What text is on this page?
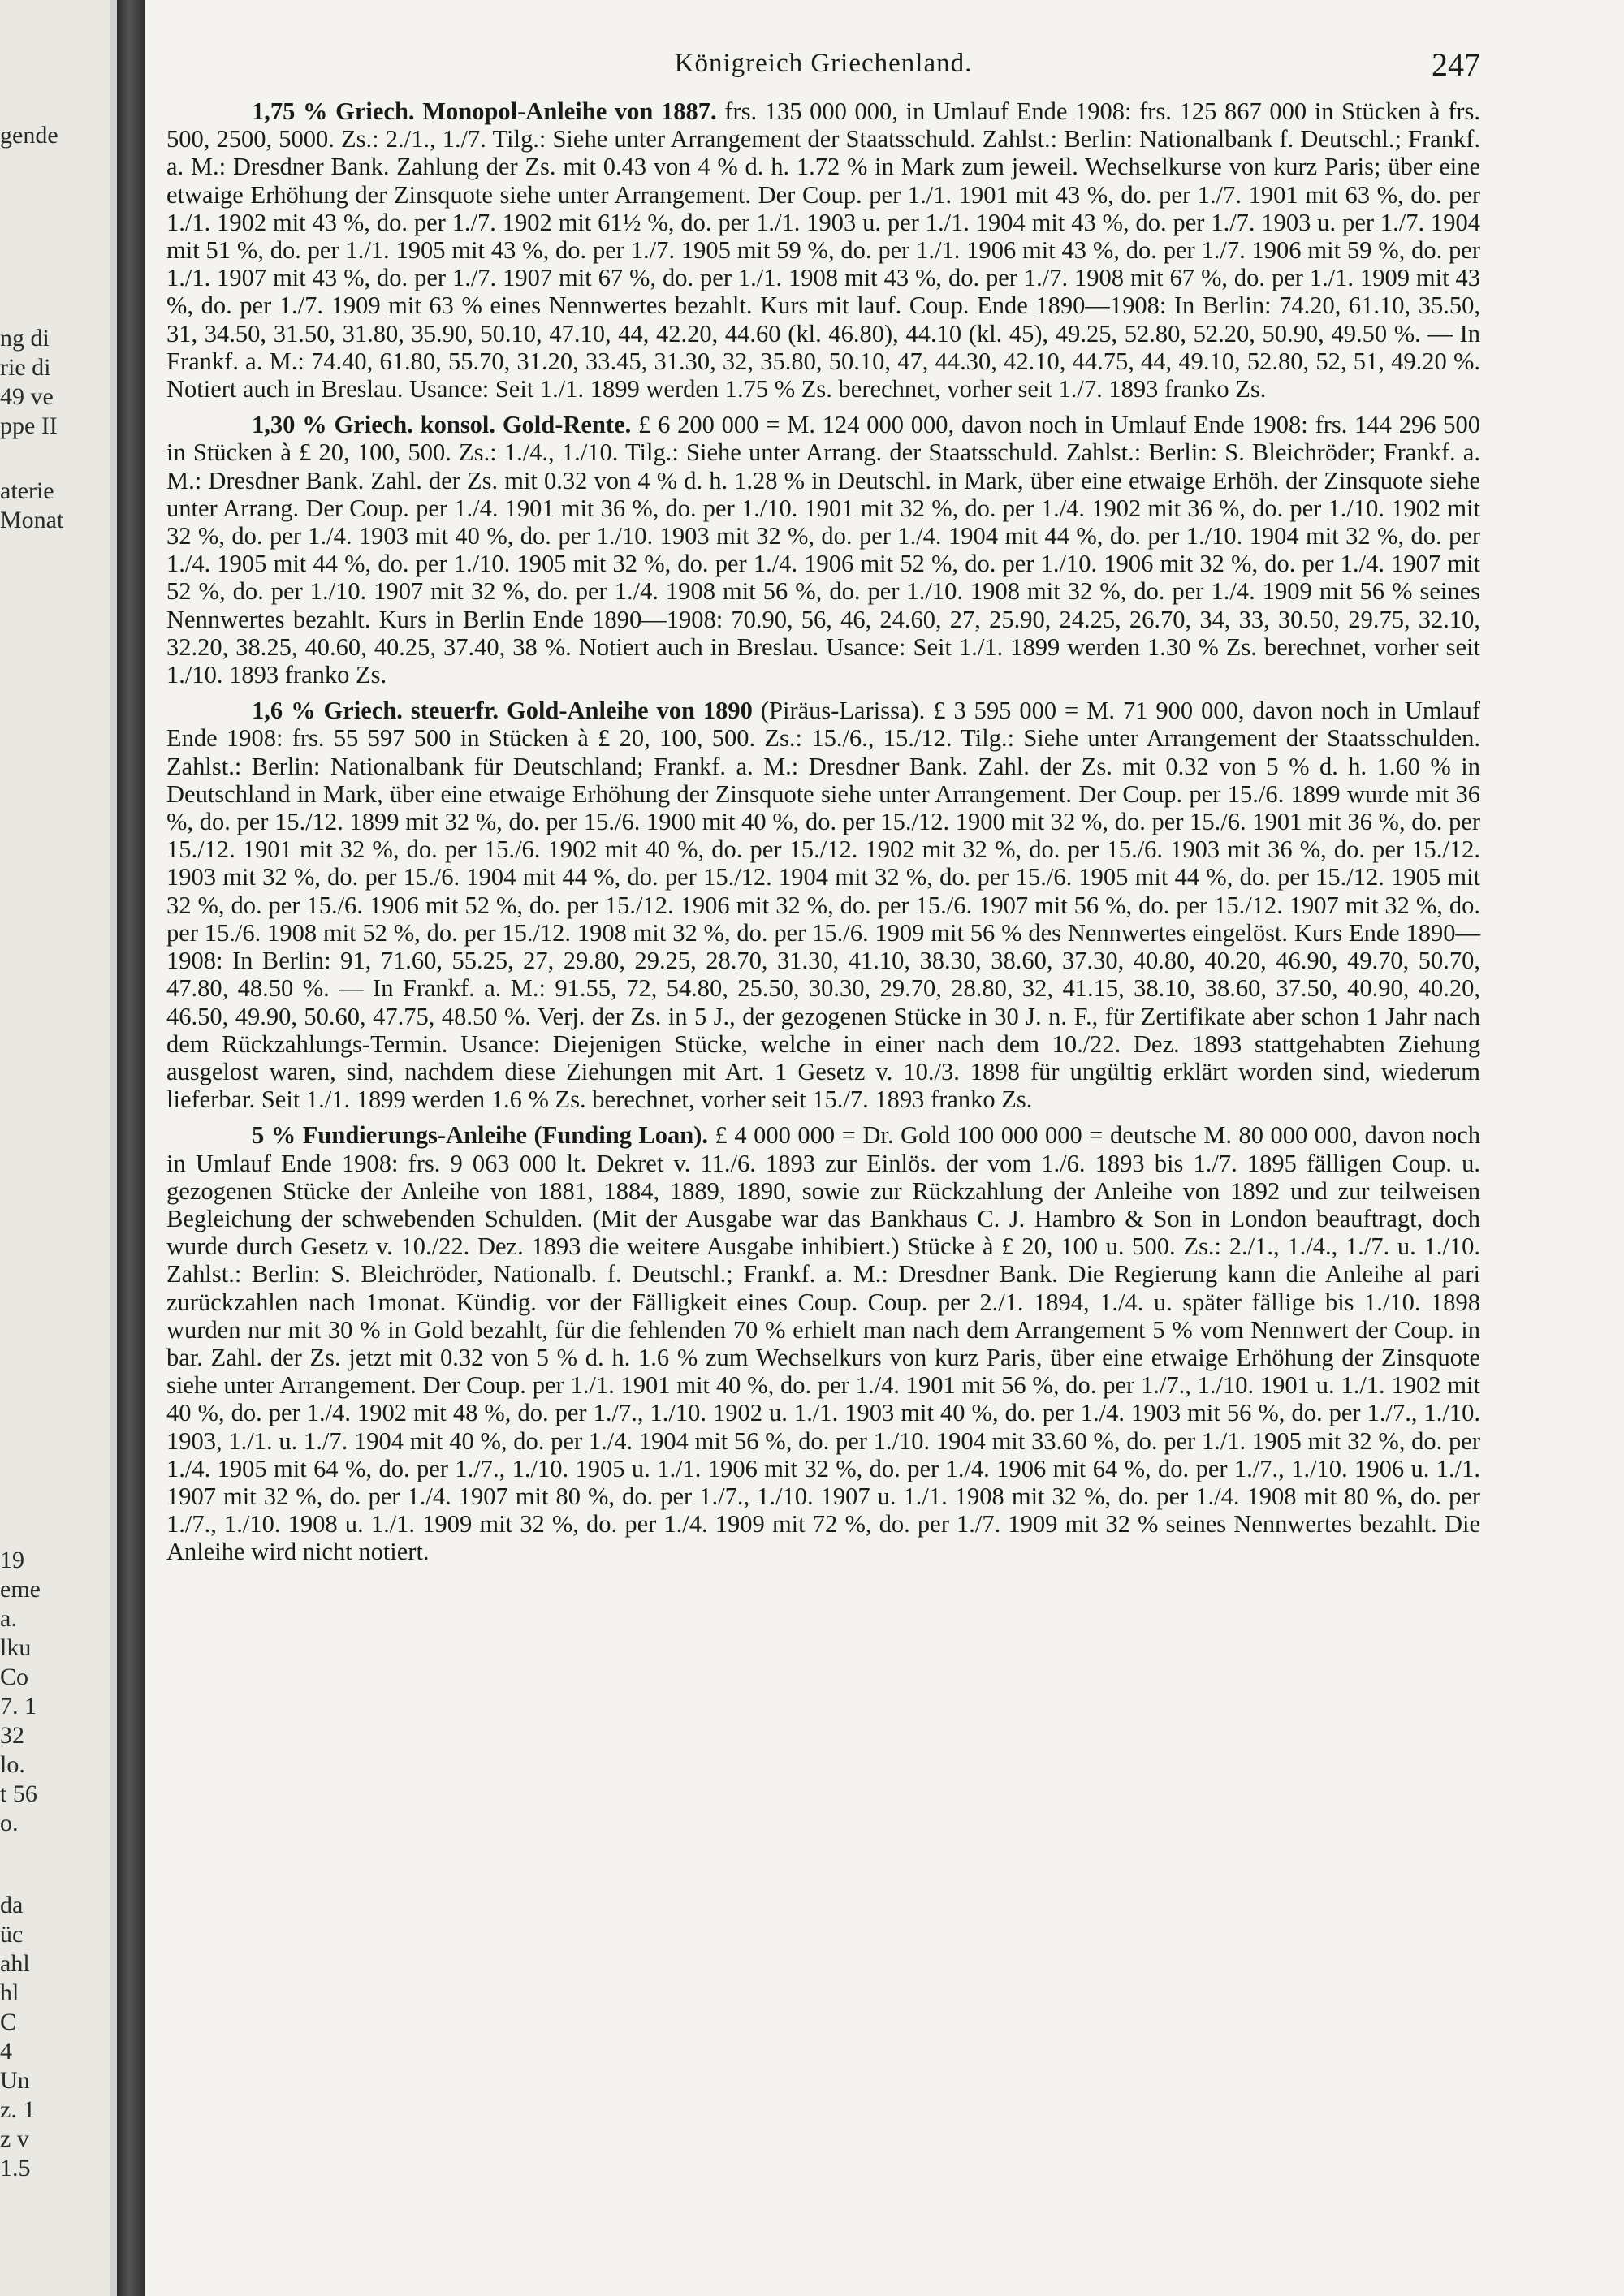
gende
ng di
rie di
49 ve
ppe II
aterie
Monat
19
eme
a.
lku
Co
7. 1
32
lo.
t 56
o.
da
üc
ahl
hl
C
4
Un
z. 1
z v
1.5
Königreich Griechenland.	247

1,75 % Griech. Monopol-Anleihe von 1887. frs. 135 000 000, in Umlauf Ende 1908: frs. 125 867 000 in Stücken à frs. 500, 2500, 5000. Zs.: 2./1., 1./7. Tilg.: Siehe unter Arrangement der Staatsschuld. Zahlst.: Berlin: Nationalbank f. Deutschl.; Frankf. a. M.: Dresdner Bank. Zahlung der Zs. mit 0.43 von 4 % d. h. 1.72 % in Mark zum jeweil. Wechselkurse von kurz Paris; über eine etwaige Erhöhung der Zinsquote siehe unter Arrangement. Der Coup. per 1./1. 1901 mit 43 %, do. per 1./7. 1901 mit 63 %, do. per 1./1. 1902 mit 43 %, do. per 1./7. 1902 mit 61½ %, do. per 1./1. 1903 u. per 1./1. 1904 mit 43 %, do. per 1./7. 1903 u. per 1./7. 1904 mit 51 %, do. per 1./1. 1905 mit 43 %, do. per 1./7. 1905 mit 59 %, do. per 1./1. 1906 mit 43 %, do. per 1./7. 1906 mit 59 %, do. per 1./1. 1907 mit 43 %, do. per 1./7. 1907 mit 67 %, do. per 1./1. 1908 mit 43 %, do. per 1./7. 1908 mit 67 %, do. per 1./1. 1909 mit 43 %, do. per 1./7. 1909 mit 63 % eines Nennwertes bezahlt. Kurs mit lauf. Coup. Ende 1890—1908: In Berlin: 74.20, 61.10, 35.50, 31, 34.50, 31.50, 31.80, 35.90, 50.10, 47.10, 44, 42.20, 44.60 (kl. 46.80), 44.10 (kl. 45), 49.25, 52.80, 52.20, 50.90, 49.50 %. — In Frankf. a. M.: 74.40, 61.80, 55.70, 31.20, 33.45, 31.30, 32, 35.80, 50.10, 47, 44.30, 42.10, 44.75, 44, 49.10, 52.80, 52, 51, 49.20 %. Notiert auch in Breslau. Usance: Seit 1./1. 1899 werden 1.75 % Zs. berechnet, vorher seit 1./7. 1893 franko Zs.

1,30 % Griech. konsol. Gold-Rente. £ 6 200 000 = M. 124 000 000, davon noch in Umlauf Ende 1908: frs. 144 296 500 in Stücken à £ 20, 100, 500. Zs.: 1./4., 1./10. Tilg.: Siehe unter Arrang. der Staatsschuld. Zahlst.: Berlin: S. Bleichröder; Frankf. a. M.: Dresdner Bank. Zahl. der Zs. mit 0.32 von 4 % d. h. 1.28 % in Deutschl. in Mark, über eine etwaige Erhöh. der Zinsquote siehe unter Arrang. Der Coup. per 1./4. 1901 mit 36 %, do. per 1./10. 1901 mit 32 %, do. per 1./4. 1902 mit 36 %, do. per 1./10. 1902 mit 32 %, do. per 1./4. 1903 mit 40 %, do. per 1./10. 1903 mit 32 %, do. per 1./4. 1904 mit 44 %, do. per 1./10. 1904 mit 32 %, do. per 1./4. 1905 mit 44 %, do. per 1./10. 1905 mit 32 %, do. per 1./4. 1906 mit 52 %, do. per 1./10. 1906 mit 32 %, do. per 1./4. 1907 mit 52 %, do. per 1./10. 1907 mit 32 %, do. per 1./4. 1908 mit 56 %, do. per 1./10. 1908 mit 32 %, do. per 1./4. 1909 mit 56 % seines Nennwertes bezahlt. Kurs in Berlin Ende 1890—1908: 70.90, 56, 46, 24.60, 27, 25.90, 24.25, 26.70, 34, 33, 30.50, 29.75, 32.10, 32.20, 38.25, 40.60, 40.25, 37.40, 38 %. Notiert auch in Breslau. Usance: Seit 1./1. 1899 werden 1.30 % Zs. berechnet, vorher seit 1./10. 1893 franko Zs.

1,6 % Griech. steuerfr. Gold-Anleihe von 1890 (Piräus-Larissa). £ 3 595 000 = M. 71 900 000, davon noch in Umlauf Ende 1908: frs. 55 597 500 in Stücken à £ 20, 100, 500. Zs.: 15./6., 15./12. Tilg.: Siehe unter Arrangement der Staatsschulden. Zahlst.: Berlin: Nationalbank für Deutschland; Frankf. a. M.: Dresdner Bank. Zahl. der Zs. mit 0.32 von 5 % d. h. 1.60 % in Deutschland in Mark, über eine etwaige Erhöhung der Zinsquote siehe unter Arrangement. Der Coup. per 15./6. 1899 wurde mit 36 %, do. per 15./12. 1899 mit 32 %, do. per 15./6. 1900 mit 40 %, do. per 15./12. 1900 mit 32 %, do. per 15./6. 1901 mit 36 %, do. per 15./12. 1901 mit 32 %, do. per 15./6. 1902 mit 40 %, do. per 15./12. 1902 mit 32 %, do. per 15./6. 1903 mit 36 %, do. per 15./12. 1903 mit 32 %, do. per 15./6. 1904 mit 44 %, do. per 15./12. 1904 mit 32 %, do. per 15./6. 1905 mit 44 %, do. per 15./12. 1905 mit 32 %, do. per 15./6. 1906 mit 52 %, do. per 15./12. 1906 mit 32 %, do. per 15./6. 1907 mit 56 %, do. per 15./12. 1907 mit 32 %, do. per 15./6. 1908 mit 52 %, do. per 15./12. 1908 mit 32 %, do. per 15./6. 1909 mit 56 % des Nennwertes eingelöst. Kurs Ende 1890—1908: In Berlin: 91, 71.60, 55.25, 27, 29.80, 29.25, 28.70, 31.30, 41.10, 38.30, 38.60, 37.30, 40.80, 40.20, 46.90, 49.70, 50.70, 47.80, 48.50 %. — In Frankf. a. M.: 91.55, 72, 54.80, 25.50, 30.30, 29.70, 28.80, 32, 41.15, 38.10, 38.60, 37.50, 40.90, 40.20, 46.50, 49.90, 50.60, 47.75, 48.50 %. Verj. der Zs. in 5 J., der gezogenen Stücke in 30 J. n. F., für Zertifikate aber schon 1 Jahr nach dem Rückzahlungs-Termin. Usance: Diejenigen Stücke, welche in einer nach dem 10./22. Dez. 1893 stattgehabten Ziehung ausgelost waren, sind, nachdem diese Ziehungen mit Art. 1 Gesetz v. 10./3. 1898 für ungültig erklärt worden sind, wiederum lieferbar. Seit 1./1. 1899 werden 1.6 % Zs. berechnet, vorher seit 15./7. 1893 franko Zs.

5 % Fundierungs-Anleihe (Funding Loan). £ 4 000 000 = Dr. Gold 100 000 000 = deutsche M. 80 000 000, davon noch in Umlauf Ende 1908: frs. 9 063 000 lt. Dekret v. 11./6. 1893 zur Einlös. der vom 1./6. 1893 bis 1./7. 1895 fälligen Coup. u. gezogenen Stücke der Anleihe von 1881, 1884, 1889, 1890, sowie zur Rückzahlung der Anleihe von 1892 und zur teilweisen Begleichung der schwebenden Schulden. (Mit der Ausgabe war das Bankhaus C. J. Hambro & Son in London beauftragt, doch wurde durch Gesetz v. 10./22. Dez. 1893 die weitere Ausgabe inhibiert.) Stücke à £ 20, 100 u. 500. Zs.: 2./1., 1./4., 1./7. u. 1./10. Zahlst.: Berlin: S. Bleichröder, Nationalb. f. Deutschl.; Frankf. a. M.: Dresdner Bank. Die Regierung kann die Anleihe al pari zurückzahlen nach 1monat. Kündig. vor der Fälligkeit eines Coup. Coup. per 2./1. 1894, 1./4. u. später fällige bis 1./10. 1898 wurden nur mit 30 % in Gold bezahlt, für die fehlenden 70 % erhielt man nach dem Arrangement 5 % vom Nennwert der Coup. in bar. Zahl. der Zs. jetzt mit 0.32 von 5 % d. h. 1.6 % zum Wechselkurs von kurz Paris, über eine etwaige Erhöhung der Zinsquote siehe unter Arrangement. Der Coup. per 1./1. 1901 mit 40 %, do. per 1./4. 1901 mit 56 %, do. per 1./7., 1./10. 1901 u. 1./1. 1902 mit 40 %, do. per 1./4. 1902 mit 48 %, do. per 1./7., 1./10. 1902 u. 1./1. 1903 mit 40 %, do. per 1./4. 1903 mit 56 %, do. per 1./7., 1./10. 1903, 1./1. u. 1./7. 1904 mit 40 %, do. per 1./4. 1904 mit 56 %, do. per 1./10. 1904 mit 33.60 %, do. per 1./1. 1905 mit 32 %, do. per 1./4. 1905 mit 64 %, do. per 1./7., 1./10. 1905 u. 1./1. 1906 mit 32 %, do. per 1./4. 1906 mit 64 %, do. per 1./7., 1./10. 1906 u. 1./1. 1907 mit 32 %, do. per 1./4. 1907 mit 80 %, do. per 1./7., 1./10. 1907 u. 1./1. 1908 mit 32 %, do. per 1./4. 1908 mit 80 %, do. per 1./7., 1./10. 1908 u. 1./1. 1909 mit 32 %, do. per 1./4. 1909 mit 72 %, do. per 1./7. 1909 mit 32 % seines Nennwertes bezahlt. Die Anleihe wird nicht notiert.
